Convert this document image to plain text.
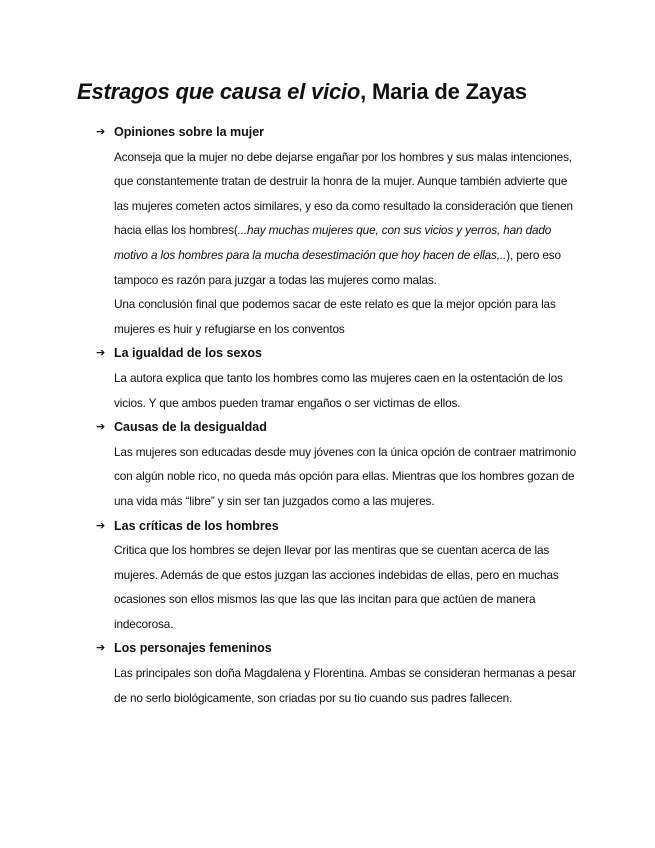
Estragos que causa el vicio, Maria de Zayas
➔ Opiniones sobre la mujer

Aconseja que la mujer no debe dejarse engañar por los hombres y sus malas intenciones, que constantemente tratan de destruir la honra de la mujer. Aunque también advierte que las mujeres cometen actos similares, y eso da como resultado la consideración que tienen hacia ellas los hombres(...hay muchas mujeres que, con sus vicios y yerros, han dado motivo a los hombres para la mucha desestimación que hoy hacen de ellas,..), pero eso tampoco es razón para juzgar a todas las mujeres como malas.

Una conclusión final que podemos sacar de este relato es que la mejor opción para las mujeres es huir y refugiarse en los conventos

➔ La igualdad de los sexos

La autora explica que tanto los hombres como las mujeres caen en la ostentación de los vicios. Y que ambos pueden tramar engaños o ser victimas de ellos.

➔ Causas de la desigualdad

Las mujeres son educadas desde muy jóvenes con la única opción de contraer matrimonio con algún noble rico, no queda más opción para ellas. Mientras que los hombres gozan de una vida más “libre” y sin ser tan juzgados como a las mujeres.

➔ Las críticas de los hombres

Critica que los hombres se dejen llevar por las mentiras que se cuentan acerca de las mujeres. Además de que estos juzgan las acciones indebidas de ellas, pero en muchas ocasiones son ellos mismos las que las que las incitan para que actúen de manera indecorosa.

➔ Los personajes femeninos

Las principales son doña Magdalena y Florentina. Ambas se consideran hermanas a pesar de no serlo biológicamente, son criadas por su tio cuando sus padres fallecen.
